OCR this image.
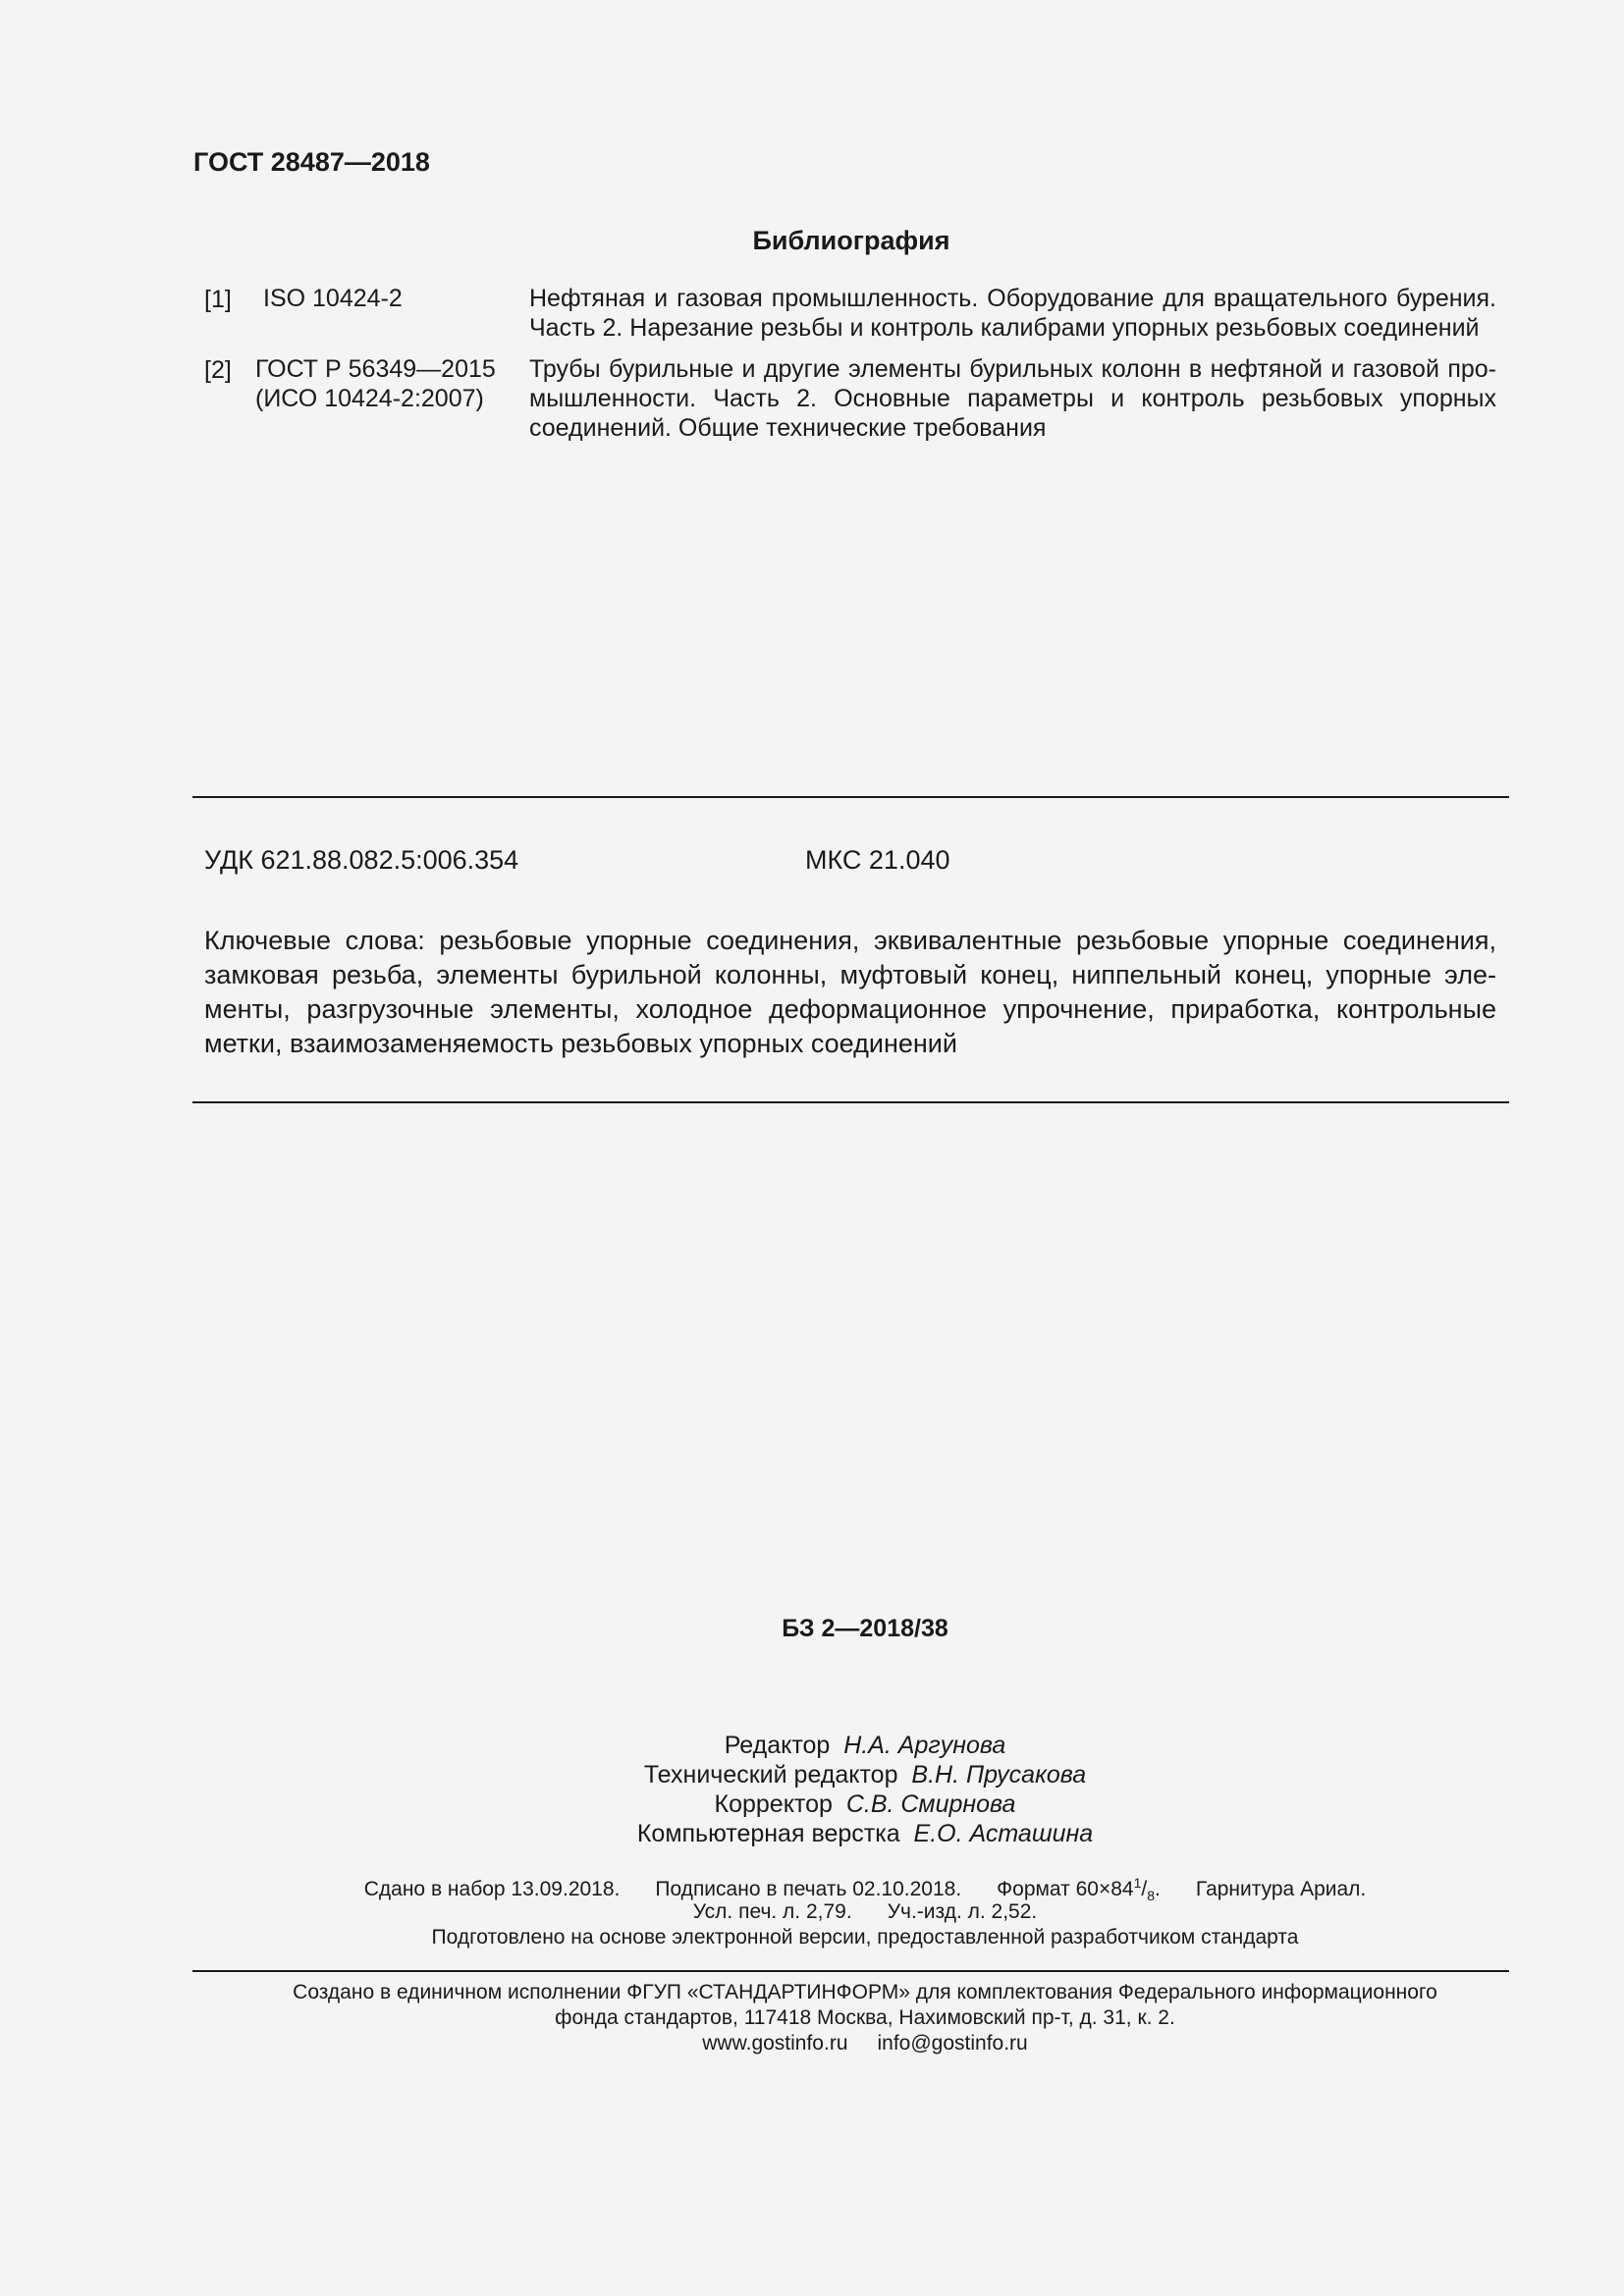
ГОСТ 28487—2018
Библиография
[1] ISO 10424-2	Нефтяная и газовая промышленность. Оборудование для вращательного бурения. Часть 2. Нарезание резьбы и контроль калибрами упорных резьбовых соединений
[2] ГОСТ Р 56349—2015
(ИСО 10424-2:2007)
Трубы бурильные и другие элементы бурильных колонн в нефтяной и газовой промышленности. Часть 2. Основные параметры и контроль резьбовых упорных соединений. Общие технические требования
УДК 621.88.082.5:006.354	МКС 21.040
Ключевые слова: резьбовые упорные соединения, эквивалентные резьбовые упорные соединения, замковая резьба, элементы бурильной колонны, муфтовый конец, ниппельный конец, упорные элементы, разгрузочные элементы, холодное деформационное упрочнение, приработка, контрольные метки, взаимозаменяемость резьбовых упорных соединений
БЗ 2—2018/38
Редактор Н.А. Аргунова
Технический редактор В.Н. Прусакова
Корректор С.В. Смирнова
Компьютерная верстка Е.О. Асташина
Сдано в набор 13.09.2018. Подписано в печать 02.10.2018. Формат $60\times 84^1/_8$. Гарнитура Ариал.
Усл. печ. л. 2,79. Уч.-изд. л. 2,52.
Подготовлено на основе электронной версии, предоставленной разработчиком стандарта
Создано в единичном исполнении ФГУП «СТАНДАРТИНФОРМ» для комплектования Федерального информационного
фонда стандартов, 117418 Москва, Нахимовский пр-т, д. 31, к. 2.
www.gostinfo.ru info@gostinfo.ru
